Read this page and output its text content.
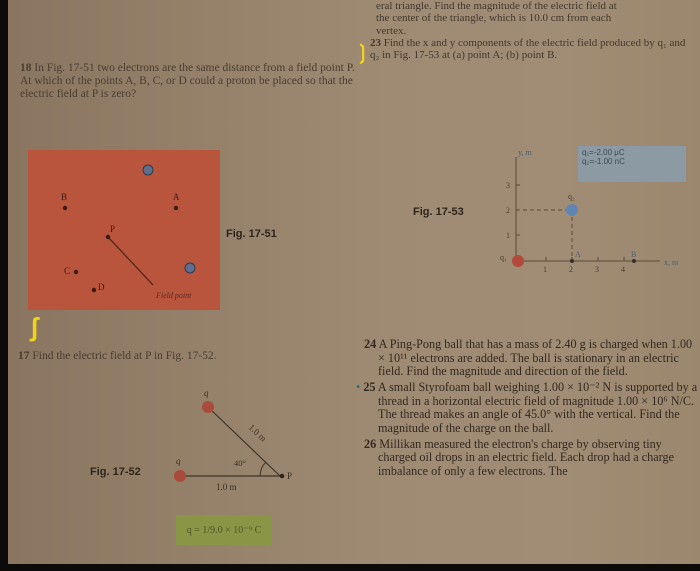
18 In Fig. 17-51 two electrons are the same distance from a field point P. At which of the points A, B, C, or D could a proton be placed so that the electric field at P is zero?
eral triangle. Find the magnitude of the electric field at
the center of the triangle, which is 10.0 cm from each
vertex.
23 Find the x and y components of the electric field produced by q₁ and q₂ in Fig. 17-53 at (a) point A; (b) point B.
❳
ʃ
B	A
P
C
D
Field point
Fig. 17-51
Fig. 17-53
y, m
x, m
3
2
1
1	2	3	4
q₁
q₂
A	B
q₁=-2.00 μC
q₂=-1.00 nC
17 Find the electric field at P in Fig. 17-52.
Fig. 17-52
q
q
1.0 m
1.0 m
40°
P
q = 1/9.0 × 10⁻⁹ C
24 A Ping-Pong ball that has a mass of 2.40 g is charged when 1.00 × 10¹¹ electrons are added. The ball is stationary in an electric field. Find the magnitude and direction of the field.
• 25 A small Styrofoam ball weighing 1.00 × 10⁻² N is supported by a thread in a horizontal electric field of magnitude 1.00 × 10⁶ N/C. The thread makes an angle of 45.0° with the vertical. Find the magnitude of the charge on the ball.
26 Millikan measured the electron's charge by observing tiny charged oil drops in an electric field. Each drop had a charge imbalance of only a few electrons. The
